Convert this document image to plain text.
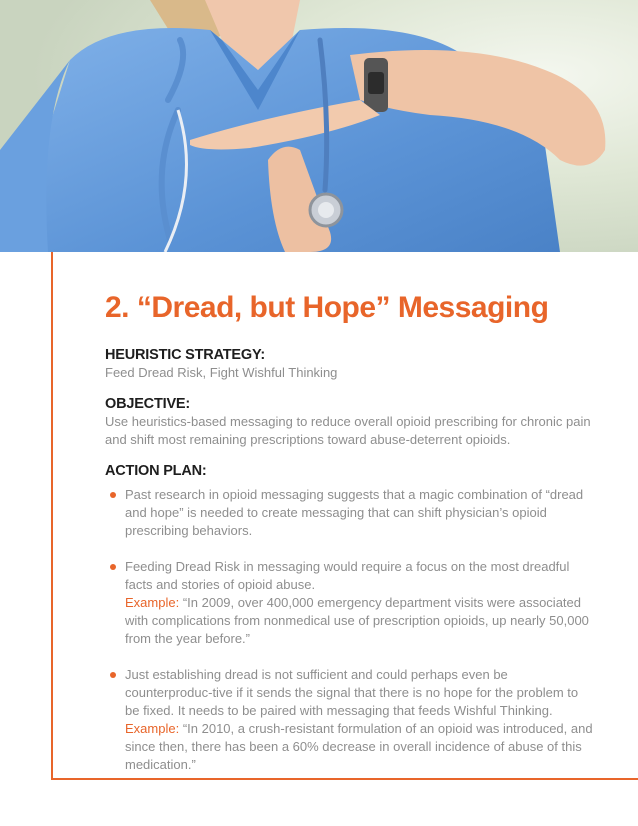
2. “Dread, but Hope” Messaging
HEURISTIC STRATEGY:

Feed Dread Risk, Fight Wishful Thinking

OBJECTIVE:

Use heuristics-based messaging to reduce overall opioid prescribing for chronic pain and shift most remaining prescriptions toward abuse-deterrent opioids.

ACTION PLAN:
Past research in opioid messaging suggests that a magic combination of “dread and hope” is needed to create messaging that can shift physician’s opioid prescribing behaviors.
Feeding Dread Risk in messaging would require a focus on the most dreadful facts and stories of opioid abuse.
Example: “In 2009, over 400,000 emergency department visits were associated with complications from nonmedical use of prescription opioids, up nearly 50,000 from the year before.”
Just establishing dread is not sufficient and could perhaps even be counterproduc-tive if it sends the signal that there is no hope for the problem to be fixed. It needs to be paired with messaging that feeds Wishful Thinking.
Example: “In 2010, a crush-resistant formulation of an opioid was introduced, and since then, there has been a 60% decrease in overall incidence of abuse of this medication.”
